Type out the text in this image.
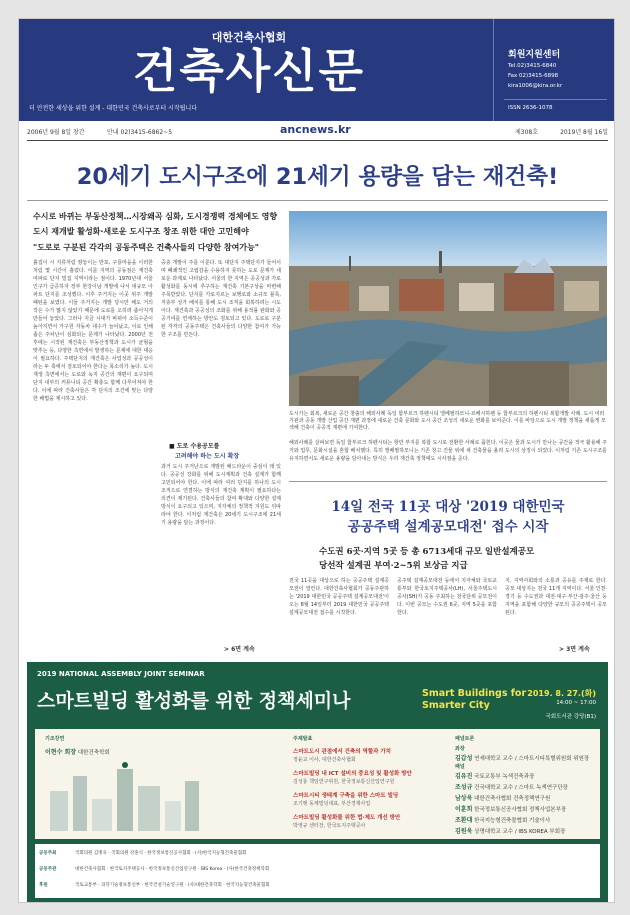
대한건축사협회
건축사신문
더 안전한 세상을 위한 설계 - 대한민국 건축사로부터 시작됩니다
회원지원센터
Tel.02)3415-6840
Fax 02)3415-6898
kira1006@kira.or.kr
ISSN 2636-1078
2006년 9월 8일 창간	안내 02)3415-6862~5	ancnews.kr	제308호	2019년 8월 16일
20세기 도시구조에 21세기 용량을 담는 재건축!
수시로 바뀌는 부동산정책…시장왜곡 심화, 도시경쟁력 경체에도 영향
도시 재개발 활성화·새로운 도시구조 창조 위한 대안 고민해야
"도로로 구분된 각각의 공동주택은 건축사들의 다양한 참여가능"
도시가는 회복, 새로운 공간 창출의 해외사례 독일 함부르크 하펜시티 엘베필하모니-르베시하펜 등 함부르크의 하펜시티 복합개발 사례. 도시 여러 기관과 공동 개발 산업 공간 재편 과정에 새로운 건축 문화와 도시 공간 조성의 새로운 변화를 보여준다. 이를 바탕으로 도시 개발 정책을 새롭게 모색해 건축이 공공적 재편에 기여한다.
흙집이 시 지류처럼 땅놓이는 반포, 구룡마을을 이러한처럼 몇 시간이 흘렀다. 이를 지역의 공동점은 재건축 여파로 단지 밀집 지역이라는 점이다. 1970년대 서울 인구가 급증하자 정부 한강이남 개발에 나서 대규모 아파트 단지를 조성했다. 이후 주거지는 이곳 위주 개발 패턴을 보였다. 이들 주거지는 개발 당시만 해도 거의 작은 수가 많지 않았기 때문에 도로를 오히려 좁아지게 만들어 놓았다. 그러나 지금 시대가 바뀌어 소득수준이 높아지면서 가구원 자동차 대수가 늘어났고, 이로 인해 좁은 주차난이 심화되는 문제가 나타났다. 2000년 전후에는 시작된 재건축은 부동산정책과 도시가 균형을 맞추는 등, 다양한 측면에서 발생하는 문제에 대한 대응이 필요하다. 주택단지의 재건축은 사업성과 공공성이라는 두 축에서 검토되어야 한다는 목소리가 높다. 도시 재생 측면에서는 도로와 녹지 공간의 재편이 요구되며 단지 내부의 커뮤니티 공간 확충도 함께 다루어져야 한다. 이에 따라 건축사들은 각 단지의 조건에 맞는 다양한 해법을 제시하고 있다.
중층 개발이 주를 이룬다. 또 대단지 주택단지가 들어서며 폐쇄적인 고립감을 수용하지 못하는 도로 문제가 새로운 과제로 나타났다. 서울의 한 지역은 공공성과 가로 활성화를 동시에 추구하는 재건축 기본구상을 마련해 주목받았다. 단지를 가로지르는 보행로와 소규모 블록, 저층부 상가 배치를 통해 도시 조직을 회복하려는 시도이다. 재건축과 공공성의 조화를 위해 용적률 완화와 공공기여를 연계하는 방안도 검토되고 있다. 도로로 구분된 각각의 공동주택은 건축사들의 다양한 참여가 가능한 구조를 만든다.
■ 도로 수용공모를
고려해야 하는 도시 확장
과거 도시 주거난으로 개발된 배드타운이 중심이 돼 있다. 공공성 강화를 위해 도시계획과 건축 설계가 함께 고민되어야 한다. 이에 따라 여러 단지를 하나의 도시 조직으로 연결하는 방식의 재건축 계획이 필요하다는 의견이 제기된다. 건축사들의 참여 확대와 다양한 설계 방식이 요구되고 있으며, 지자체의 정책적 지원도 뒤따라야 한다. 이처럼 재건축은 20세기 도시구조에 21세기 용량을 담는 과정이다.
> 6면 계속
해외사례를 살펴보면 독일 함부르크 하펜시티는 항만 부지를 복합 도시로 전환한 사례로 꼽힌다. 이곳은 물과 도시가 만나는 공간을 적극 활용해 주거와 업무, 문화시설을 혼합 배치했다. 특히 엘베필하모니는 기존 창고 건물 위에 새 건축물을 올려 도시의 상징이 되었다. 이처럼 기존 도시구조를 유지하면서도 새로운 용량을 담아내는 방식은 우리 재건축 정책에도 시사점을 준다.
14일 전국 11곳 대상 '2019 대한민국
공공주택 설계공모대전' 접수 시작
수도권 6곳·지역 5곳 등 총 6713세대 규모 일반설계공모
당선작 설계권 부여·2~5위 보상금 지급
전국 11곳을 대상으로 하는 공공주택 설계공모전이 열린다. 대한건축사협회가 공동주관하는 '2019 대한민국 공공주택 설계공모대전'이 오는 8월 14일부터 2019 대한민국 공공주택 설계공모대전 접수를 시작한다.
공주택 설계공모대전 등에서 지자체와 국토교통부와 한국토지주택공사(LH), 서울주택도시공사(SH)가 공동 주최하는 전국단위 공모전이다. 이번 공모는 수도권 6곳, 지역 5곳을 포함한다.
지, 지역사회와의 소통과 공유를 주제로 한다. 공모 대상지는 전국 11개 지역이다. 서울·인천·경기 등 수도권과 대전·대구·부산·광주·울산 등 지역을 포함해 다양한 규모의 공공주택이 공모된다.
> 3면 계속
2019 NATIONAL ASSEMBLY JOINT SEMINAR
스마트빌딩 활성화를 위한 정책세미나	Smart Buildings for
Smarter City
2019. 8. 27.(화)
14:00 ~ 17:00
국회도서관 강당(B1)
기조강연
이현수 회장 대한건축학회
주제발표
스마트도시 관점에서 건축의 역할과 가치
정윤교 이사, 대한건축사협회
스마트빌딩 내 ICT 설비의 중요성 및 활성화 방안
김성룡 책임연구위원, 한국정보통신산업연구원
스마트시티 생태계 구축을 위한 스마트 빌딩
조기행 동계빌딩대표, 부산경제사업
스마트빌딩 활성화를 위한 법·제도 개선 방안
박영규 센터장, 한국토지주택공사
패널토론
좌장
김갑성 연세대학교 교수 / 스마트시티특별위원회 위원장
패널
김유진 국토교통부 녹색건축과장
조성규 건국대학교 교수 / 스마트 녹색연구단장
남상욱 대한건축사협회 건축정책연구원
이훈희 한국정보통신공사협회 정책사업본부장
조환대 한국지능형건축물협회 기술이사
김원욱 상명대학교 교수 / IBS KOREA 부회장
공동주최	국회의원 김병욱 · 국회의원 강훈식 · 한국정보통신공사협회 · (사)한국지능형건축물협회
공동주관	대한건축사협회 · 한국토지주택공사 · 한국정보통신산업연구원 · IBS Korea · (사)한국건축정책학회
후원	국토교통부 · 과학기술정보통신부 · 한국건설기술연구원 · (사)대한건축학회 · 한국지능형건축물협회
